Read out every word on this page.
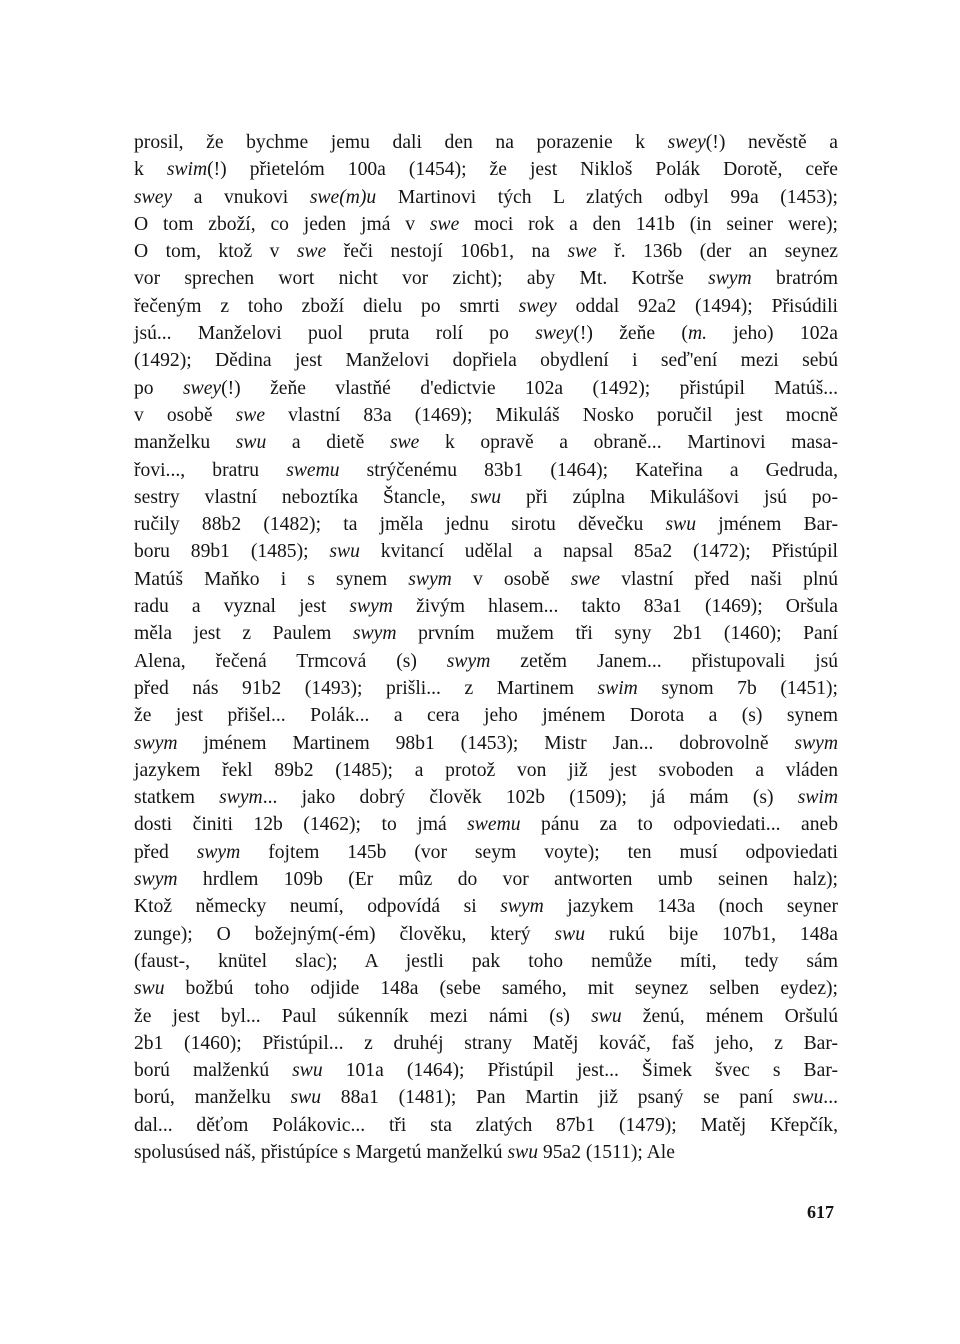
prosil, že bychme jemu dali den na porazenie k swey(!) nevěstě a
k swim(!) přietelóm 100a (1454); že jest Nikloš Polák Dorotě, ceře
swey a vnukovi swe(m)u Martinovi tých L zlatých odbyl 99a (1453);
O tom zboží, co jeden jmá v swe moci rok a den 141b (in seiner were);
O tom, ktož v swe řeči nestojí 106b1, na swe ř. 136b (der an seynez
vor sprechen wort nicht vor zicht); aby Mt. Kotrše swym bratróm
řečeným z toho zboží dielu po smrti swey oddal 92a2 (1494); Přisúdili
jsú... Manželovi puol pruta rolí po swey(!) žeňe (m. jeho) 102a
(1492); Dědina jest Manželovi dopřiela obydlení i seď'ení mezi sebú
po swey(!) žeňe vlastňé d'edictvie 102a (1492); přistúpil Matúš...
v osobě swe vlastní 83a (1469); Mikuláš Nosko poručil jest mocně
manželku swu a dietě swe k opravě a obraně... Martinovi masa-
řovi..., bratru swemu strýčenému 83b1 (1464); Kateřina a Gedruda,
sestry vlastní neboztíka Štancle, swu při zúplna Mikulášovi jsú po-
ručily 88b2 (1482); ta jměla jednu sirotu děvečku swu jménem Bar-
boru 89b1 (1485); swu kvitancí udělal a napsal 85a2 (1472); Přistúpil
Matúš Maňko i s synem swym v osobě swe vlastní před naši plnú
radu a vyznal jest swym živým hlasem... takto 83a1 (1469); Oršula
měla jest z Paulem swym prvním mužem tři syny 2b1 (1460); Paní
Alena, řečená Trmcová (s) swym zetěm Janem... přistupovali jsú
před nás 91b2 (1493); prišli... z Martinem swim synom 7b (1451);
že jest přišel... Polák... a cera jeho jménem Dorota a (s) synem
swym jménem Martinem 98b1 (1453); Mistr Jan... dobrovolně swym
jazykem řekl 89b2 (1485); a protož von již jest svoboden a vláden
statkem swym... jako dobrý člověk 102b (1509); já mám (s) swim
dosti činiti 12b (1462); to jmá swemu pánu za to odpoviedati... aneb
před swym fojtem 145b (vor seym voyte); ten musí odpoviedati
swym hrdlem 109b (Er mûz do vor antworten umb seinen halz);
Ktož německy neumí, odpovídá si swym jazykem 143a (noch seyner
zunge); O božejným(-ém) člověku, který swu rukú bije 107b1, 148a
(faust-, knütel slac); A jestli pak toho nemůže míti, tedy sám
swu božbú toho odjide 148a (sebe samého, mit seynez selben eydez);
že jest byl... Paul súkenník mezi námi (s) swu ženú, ménem Oršulú
2b1 (1460); Přistúpil... z druhéj strany Matěj kováč, faš jeho, z Bar-
ború malženkú swu 101a (1464); Přistúpil jest... Šimek švec s Bar-
ború, manželku swu 88a1 (1481); Pan Martin již psaný se paní swu...
dal... děťom Polákovic... tři sta zlatých 87b1 (1479); Matěj Křepčík,
spolusúsed náš, přistúpíce s Margetú manželkú swu 95a2 (1511); Ale
617
